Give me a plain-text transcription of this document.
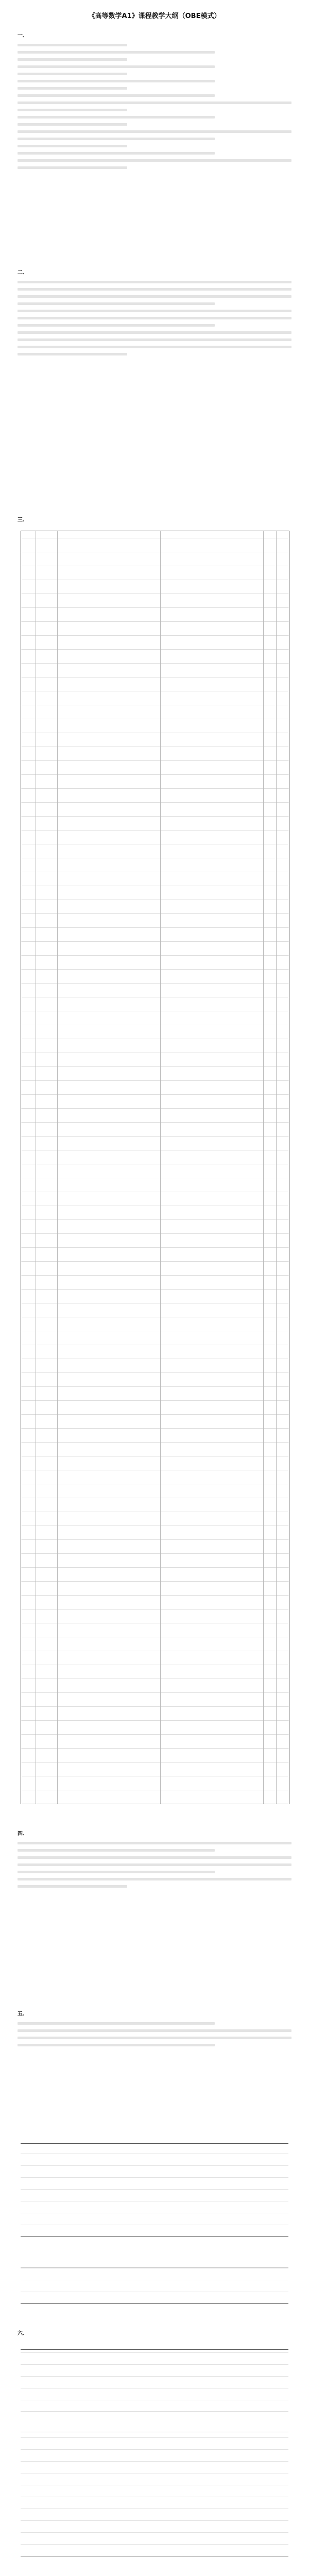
《高等数学A1》课程教学大纲（OBE模式）
一、
二、
三、
四、
五、
六、
